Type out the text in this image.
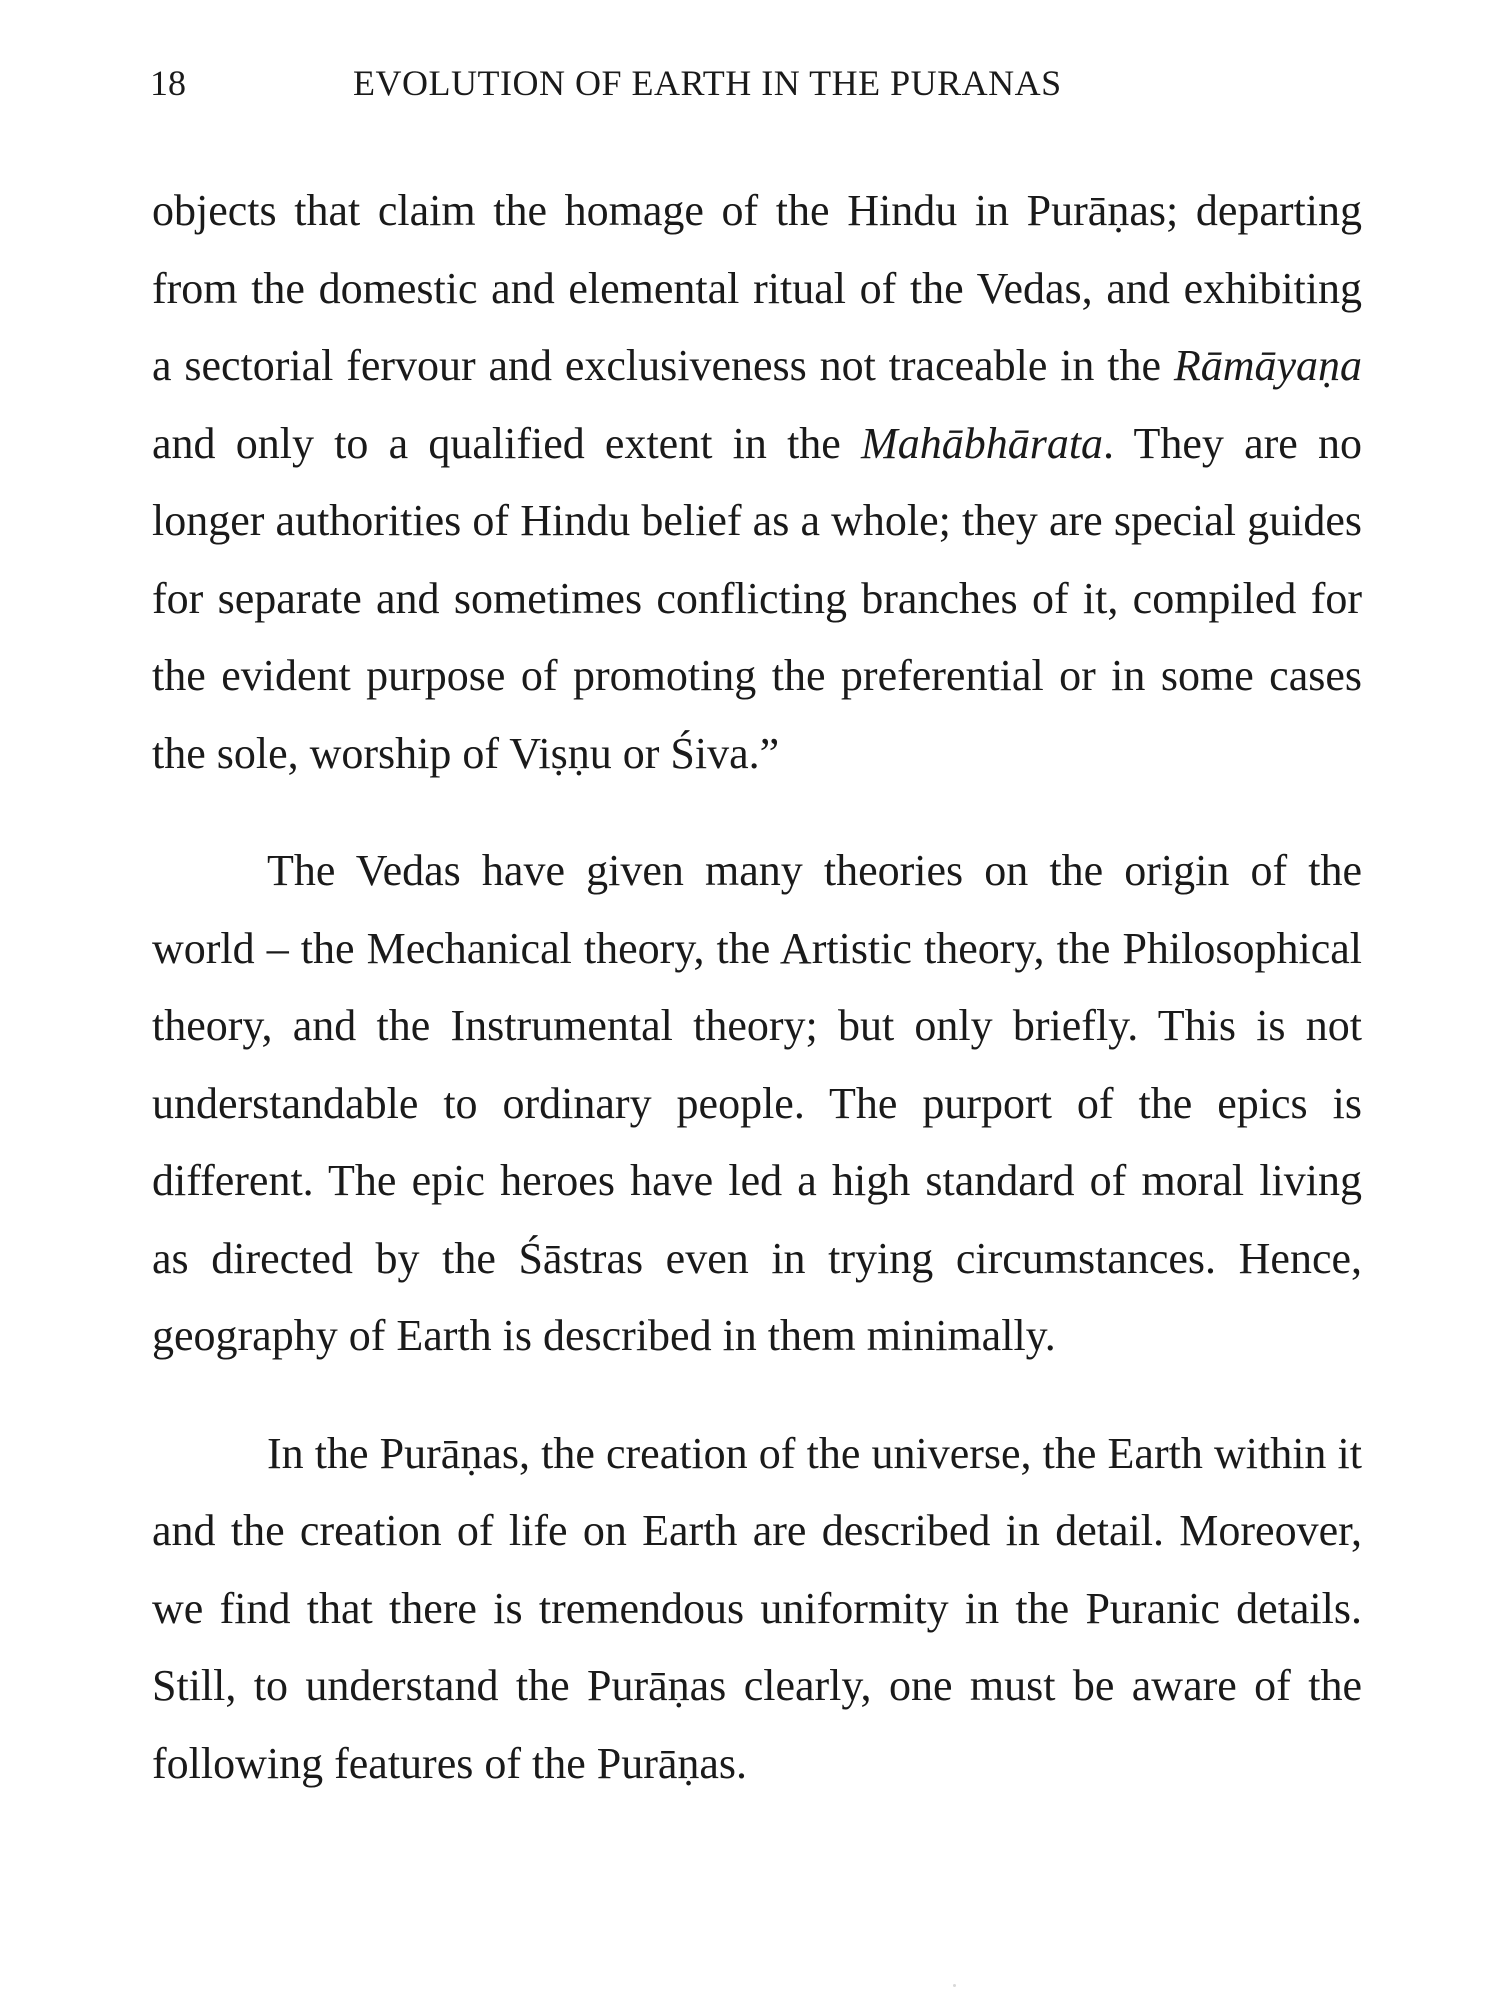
18	EVOLUTION OF EARTH IN THE PURANAS

objects that claim the homage of the Hindu in Purāṇas; departing from the domestic and elemental ritual of the Vedas, and exhibiting a sectorial fervour and exclusiveness not traceable in the Rāmāyaṇa and only to a qualified extent in the Mahābhārata. They are no longer authorities of Hindu belief as a whole; they are special guides for separate and sometimes conflicting branches of it, compiled for the evident purpose of promoting the preferential or in some cases the sole, worship of Viṣṇu or Śiva.”

The Vedas have given many theories on the origin of the world – the Mechanical theory, the Artistic theory, the Philosophical theory, and the Instrumental theory; but only briefly. This is not understandable to ordinary people. The purport of the epics is different. The epic heroes have led a high standard of moral living as directed by the Śāstras even in trying circumstances. Hence, geography of Earth is described in them minimally.

In the Purāṇas, the creation of the universe, the Earth within it and the creation of life on Earth are described in detail. Moreover, we find that there is tremendous uniformity in the Puranic details. Still, to understand the Purāṇas clearly, one must be aware of the following features of the Purāṇas.
